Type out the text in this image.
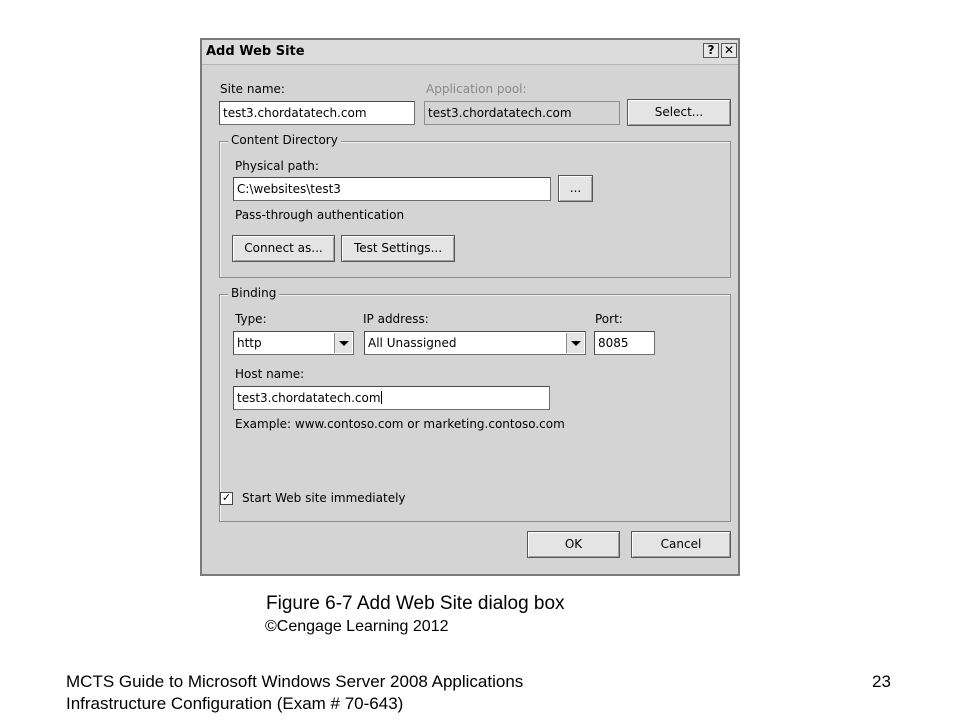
Add Web Site	? ✕
Site name:
test3.chordatatech.com
Application pool:
test3.chordatatech.com	Select...
Content Directory
Physical path:
C:\websites\test3	...
Pass-through authentication
Connect as...	Test Settings...
Binding
Type:
http
IP address:
All Unassigned
Port:
8085
Host name:
test3.chordatatech.com
Example: www.contoso.com or marketing.contoso.com
✓ Start Web site immediately
OK	Cancel
Figure 6-7 Add Web Site dialog box
©Cengage Learning 2012
MCTS Guide to Microsoft Windows Server 2008 Applications
Infrastructure Configuration (Exam # 70-643)
23
